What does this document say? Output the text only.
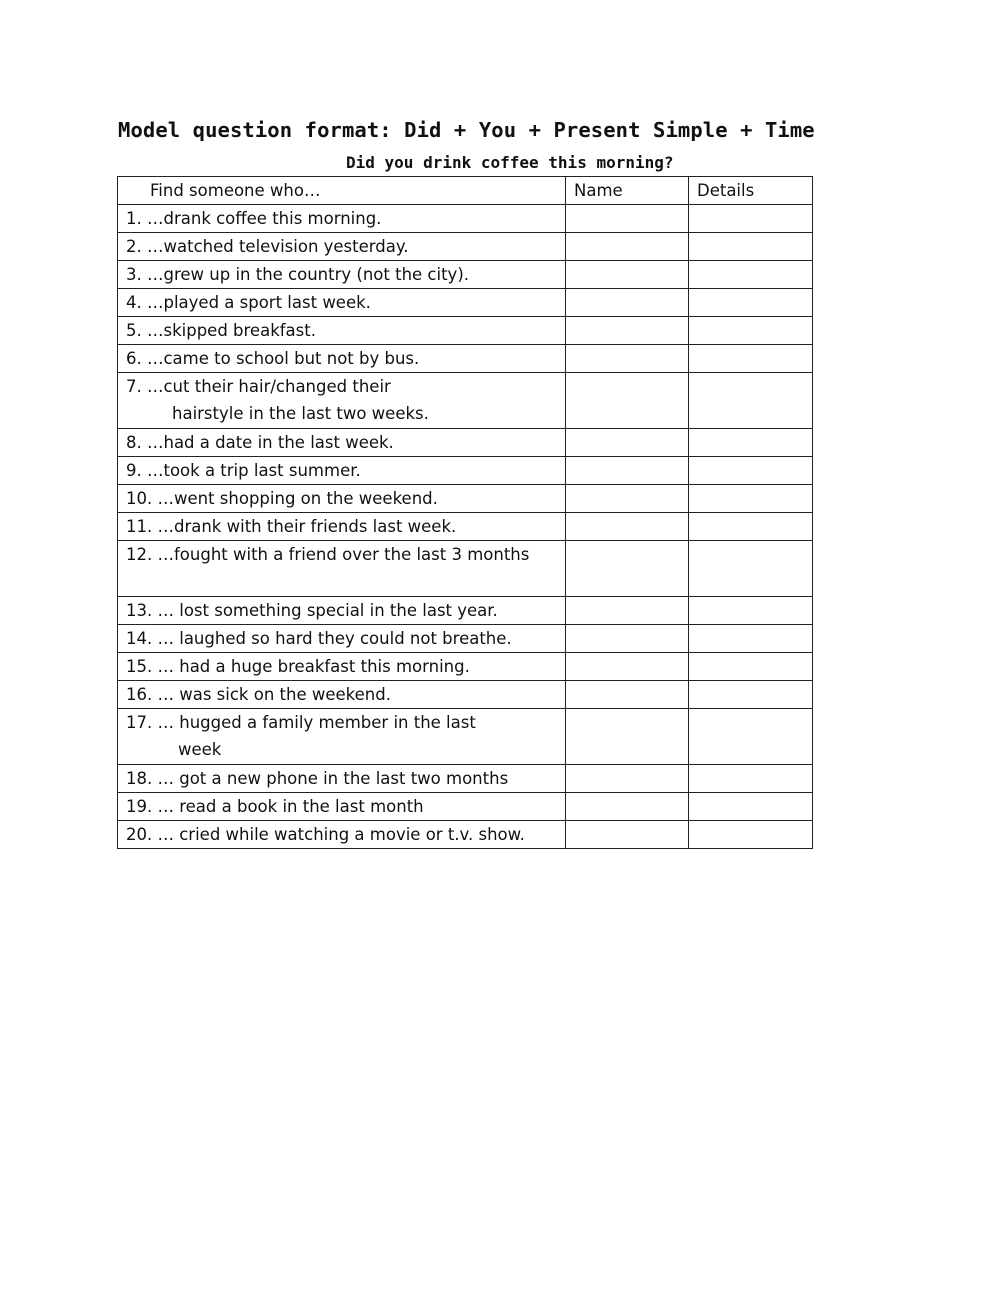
Model question format: Did + You + Present Simple + Time
Did you drink coffee this morning?
Find someone who…	Name	Details
1. …drank coffee this morning.		
2. …watched television yesterday.		
3. …grew up in the country (not the city).		
4. …played a sport last week.		
5. …skipped breakfast.		
6. …came to school but not by bus.		
7. …cut their hair/changed their
hairstyle in the last two weeks.		

8. …had a date in the last week.		
9. …took a trip last summer.		
10. …went shopping on the weekend.		
11. …drank with their friends last week.		

12. …fought with a friend over the last 3 months		

13. … lost something special in the last year.		
14. … laughed so hard they could not breathe.		
15. … had a huge breakfast this morning.		
16. … was sick on the weekend.		
17. … hugged a family member in the last
week		

18. … got a new phone in the last two months		
19. … read a book in the last month		
20. … cried while watching a movie or t.v. show.		
